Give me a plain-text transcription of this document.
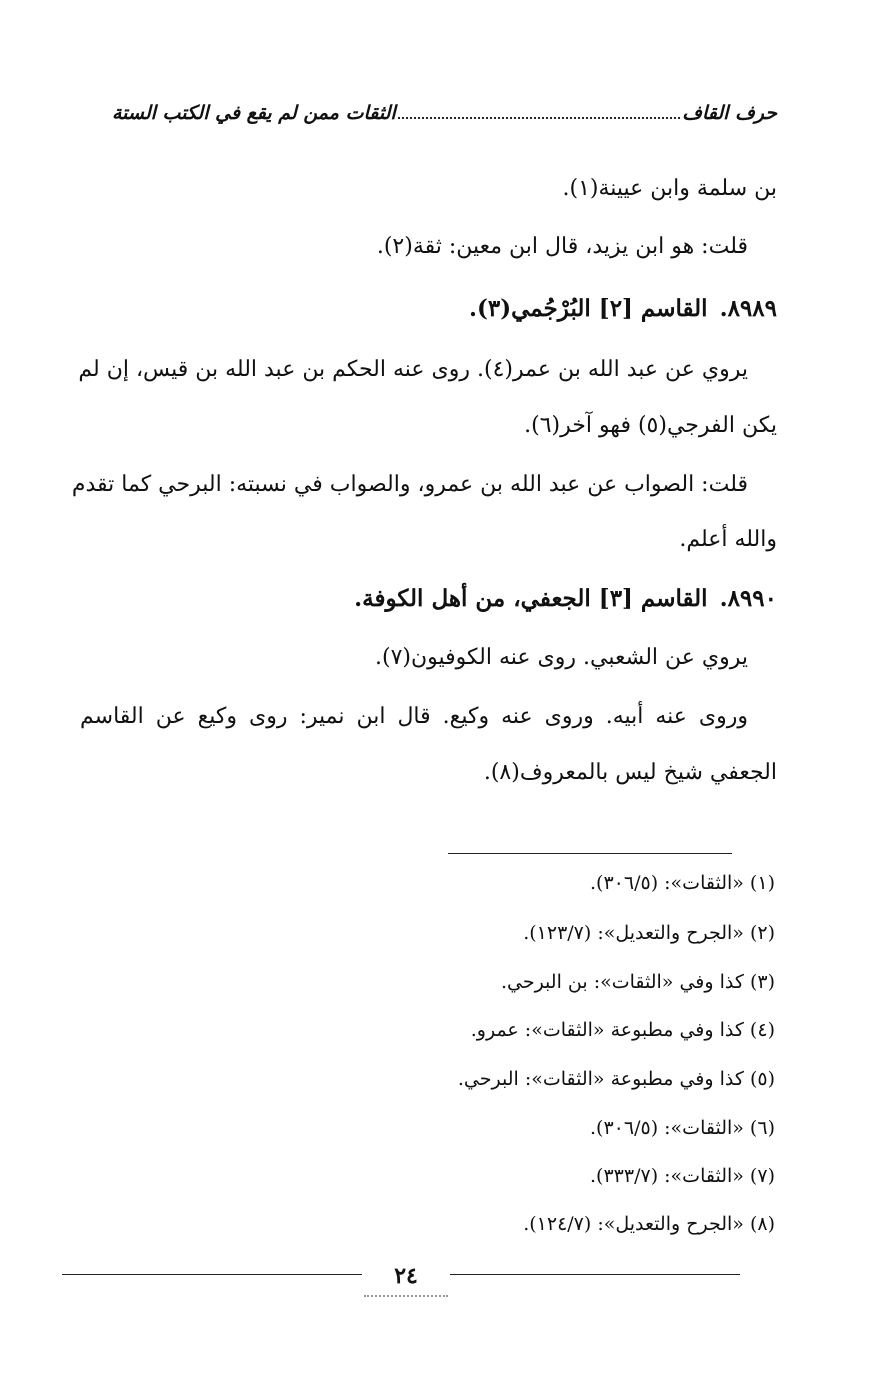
حرف القاف
الثقات ممن لم يقع في الكتب الستة
بن سلمة وابن عيينة(١).
قلت: هو ابن يزيد، قال ابن معين: ثقة(٢).
٨٩٨٩.القاسم [٢] البُرْجُمي(٣).
يروي عن عبد الله بن عمر(٤). روى عنه الحكم بن عبد الله بن قيس، إن لم
يكن الفرجي(٥) فهو آخر(٦).
قلت: الصواب عن عبد الله بن عمرو، والصواب في نسبته: البرحي كما تقدم
والله أعلم.
٨٩٩٠.القاسم [٣] الجعفي، من أهل الكوفة.
يروي عن الشعبي. روى عنه الكوفيون(٧).
وروى عنه أبيه. وروى عنه وكيع. قال ابن نمير: روى وكيع عن القاسم
الجعفي شيخ ليس بالمعروف(٨).
(١) «الثقات»: (٣٠٦/٥).
(٢) «الجرح والتعديل»: (١٢٣/٧).
(٣) كذا وفي «الثقات»: بن البرحي.
(٤) كذا وفي مطبوعة «الثقات»: عمرو.
(٥) كذا وفي مطبوعة «الثقات»: البرحي.
(٦) «الثقات»: (٣٠٦/٥).
(٧) «الثقات»: (٣٣٣/٧).
(٨) «الجرح والتعديل»: (١٢٤/٧).
٢٤
